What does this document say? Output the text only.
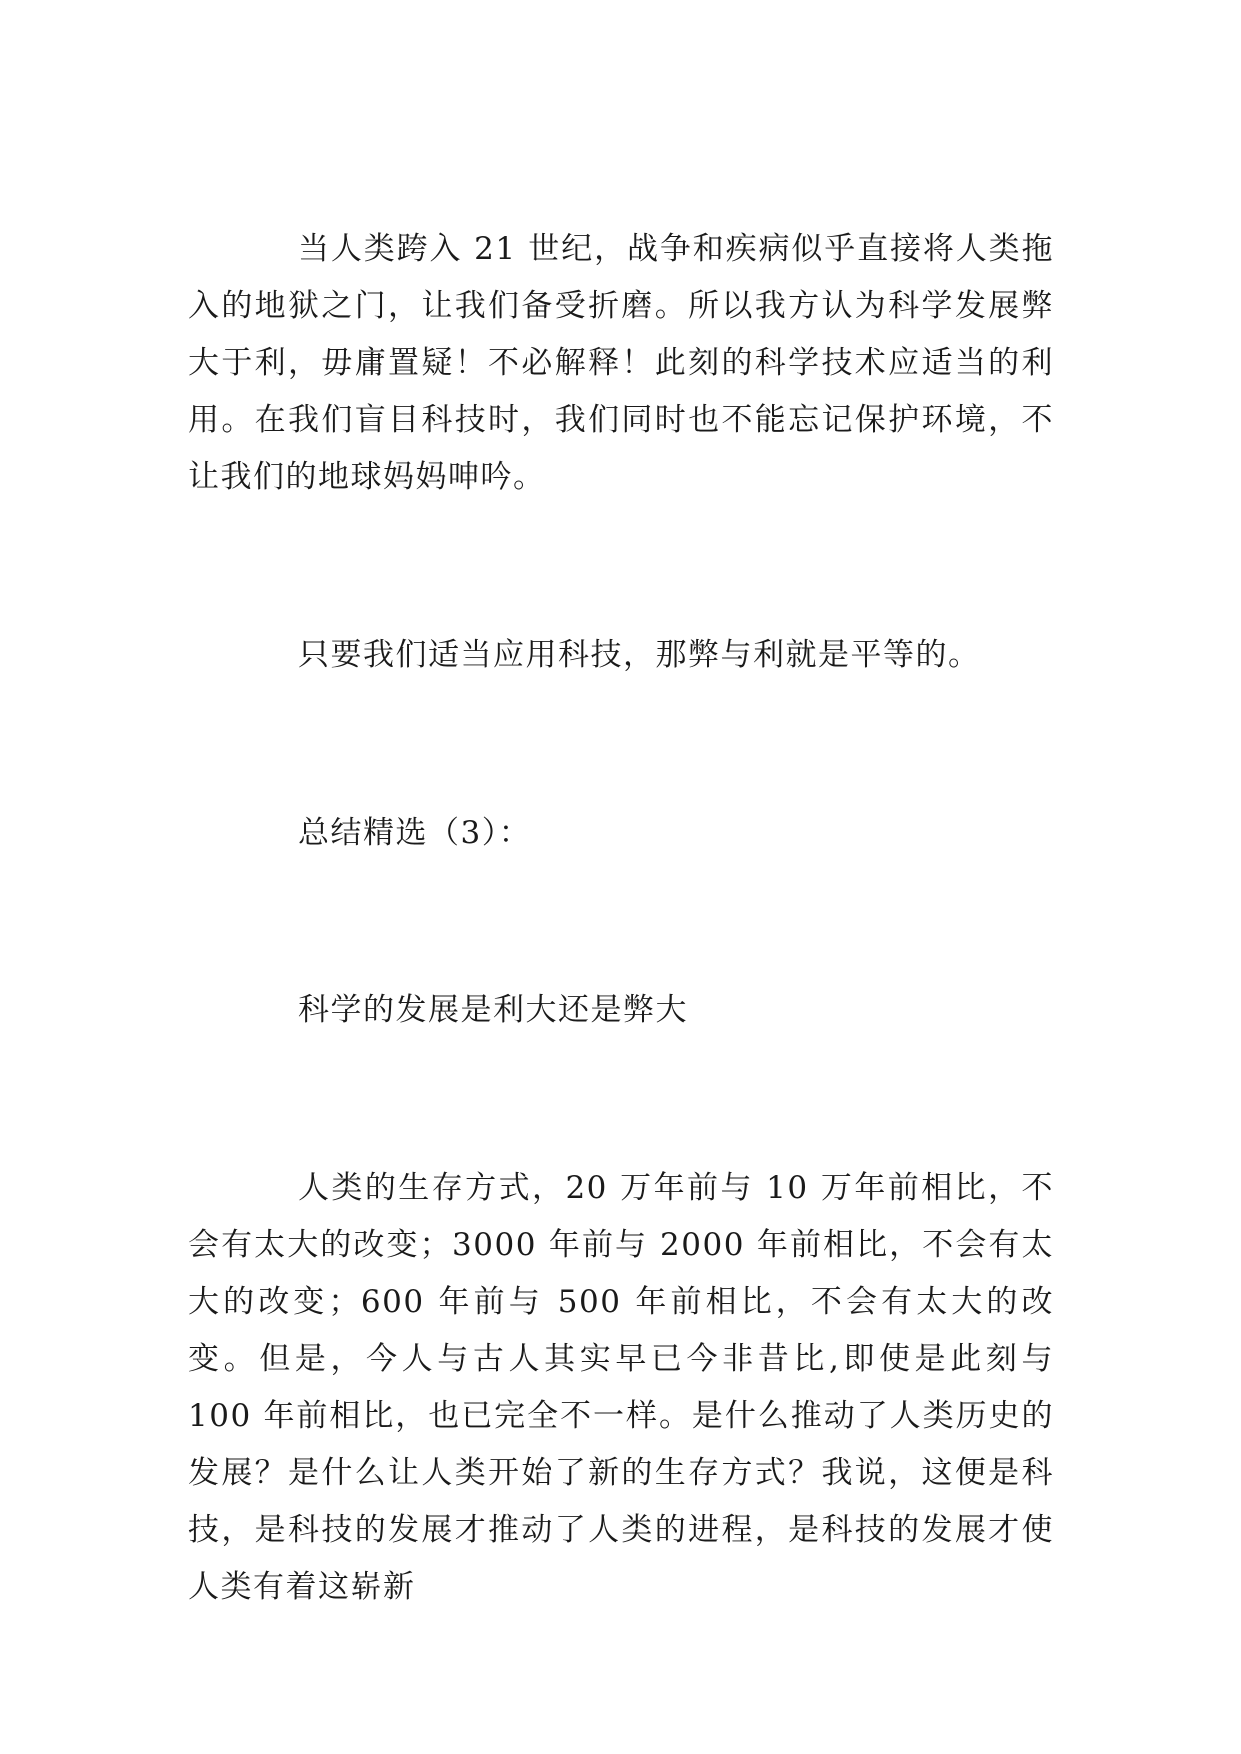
当人类跨入 21 世纪，战争和疾病似乎直接将人类拖入的地狱之门，让我们备受折磨。所以我方认为科学发展弊大于利，毋庸置疑！不必解释！此刻的科学技术应适当的利用。在我们盲目科技时，我们同时也不能忘记保护环境，不让我们的地球妈妈呻吟。

只要我们适当应用科技，那弊与利就是平等的。

总结精选（3）：

科学的发展是利大还是弊大

人类的生存方式，20 万年前与 10 万年前相比，不会有太大的改变；3000 年前与 2000 年前相比，不会有太大的改变；600 年前与 500 年前相比，不会有太大的改变。但是，今人与古人其实早已今非昔比,即使是此刻与 100 年前相比，也已完全不一样。是什么推动了人类历史的发展？是什么让人类开始了新的生存方式？我说，这便是科技，是科技的发展才推动了人类的进程，是科技的发展才使人类有着这崭新
